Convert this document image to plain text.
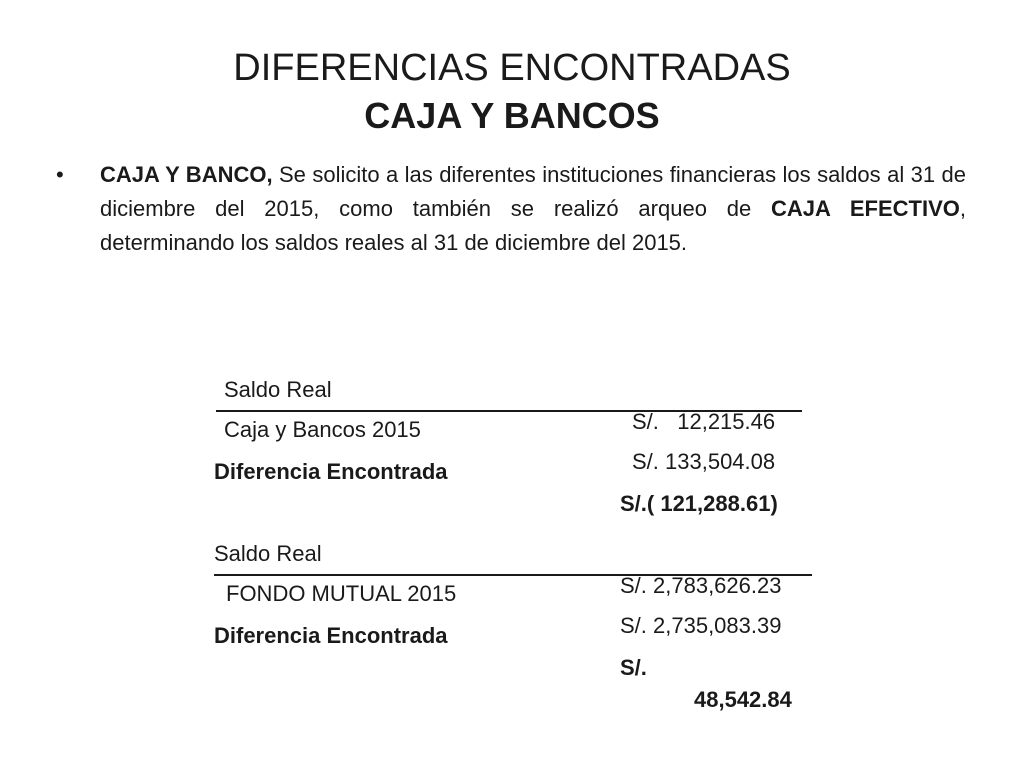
DIFERENCIAS ENCONTRADAS
CAJA Y BANCOS
•	CAJA Y BANCO, Se solicito a las diferentes instituciones financieras los saldos al 31 de diciembre del 2015, como también se realizó arqueo de CAJA EFECTIVO, determinando los saldos reales al 31 de diciembre del 2015.

Saldo Real

S/.   12,215.46

Caja y Bancos 2015

S/. 133,504.08

Diferencia Encontrada

S/.( 121,288.61)

Saldo Real

S/. 2,783,626.23

FONDO MUTUAL 2015

S/. 2,735,083.39

Diferencia Encontrada

S/.

48,542.84
